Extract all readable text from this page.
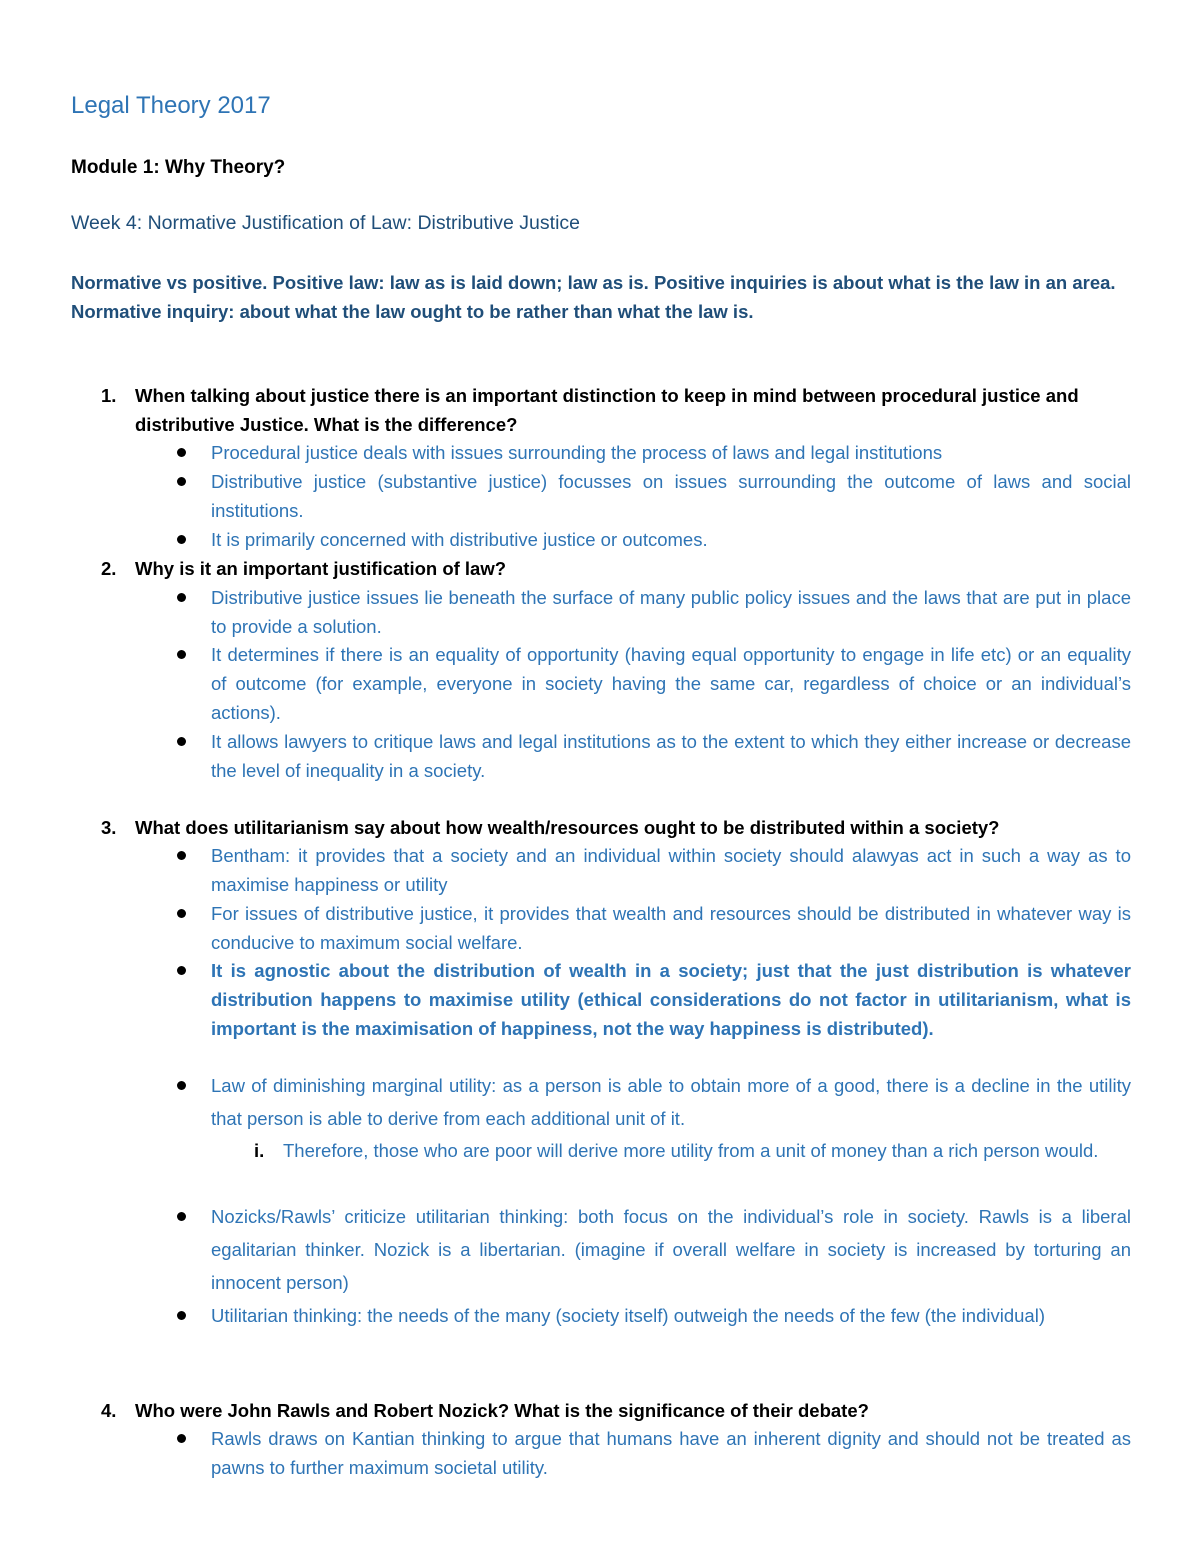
Legal Theory 2017
Module 1: Why Theory?
Week 4: Normative Justification of Law: Distributive Justice

Normative vs positive. Positive law: law as is laid down; law as is. Positive inquiries is about what is the law in an area.

Normative inquiry: about what the law ought to be rather than what the law is.

1. When talking about justice there is an important distinction to keep in mind between procedural justice and distributive Justice. What is the difference?
Procedural justice deals with issues surrounding the process of laws and legal institutions
Distributive justice (substantive justice) focusses on issues surrounding the outcome of laws and social institutions.
It is primarily concerned with distributive justice or outcomes.
2. Why is it an important justification of law?
Distributive justice issues lie beneath the surface of many public policy issues and the laws that are put in place to provide a solution.
It determines if there is an equality of opportunity (having equal opportunity to engage in life etc) or an equality of outcome (for example, everyone in society having the same car, regardless of choice or an individual’s actions).
It allows lawyers to critique laws and legal institutions as to the extent to which they either increase or decrease the level of inequality in a society.
3. What does utilitarianism say about how wealth/resources ought to be distributed within a society?
Bentham: it provides that a society and an individual within society should alawyas act in such a way as to maximise happiness or utility
For issues of distributive justice, it provides that wealth and resources should be distributed in whatever way is conducive to maximum social welfare.
It is agnostic about the distribution of wealth in a society; just that the just distribution is whatever distribution happens to maximise utility (ethical considerations do not factor in utilitarianism, what is important is the maximisation of happiness, not the way happiness is distributed).
Law of diminishing marginal utility: as a person is able to obtain more of a good, there is a decline in the utility that person is able to derive from each additional unit of it.
i. Therefore, those who are poor will derive more utility from a unit of money than a rich person would.
Nozicks/Rawls’ criticize utilitarian thinking: both focus on the individual’s role in society. Rawls is a liberal egalitarian thinker. Nozick is a libertarian. (imagine if overall welfare in society is increased by torturing an innocent person)
Utilitarian thinking: the needs of the many (society itself) outweigh the needs of the few (the individual)
4. Who were John Rawls and Robert Nozick? What is the significance of their debate?
Rawls draws on Kantian thinking to argue that humans have an inherent dignity and should not be treated as pawns to further maximum societal utility.
